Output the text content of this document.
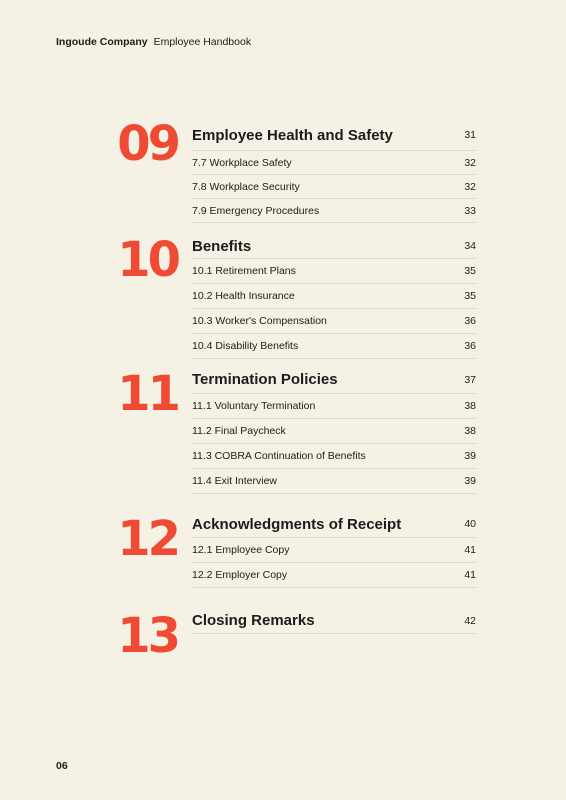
Ingoude Company Employee Handbook
09 Employee Health and Safety	31
7.7 Workplace Safety	32
7.8 Workplace Security	32
7.9 Emergency Procedures	33
10 Benefits	34
10.1 Retirement Plans	35
10.2 Health Insurance	35
10.3 Worker's Compensation	36
10.4 Disability Benefits	36
11 Termination Policies	37
11.1 Voluntary Termination	38
11.2 Final Paycheck	38
11.3 COBRA Continuation of Benefits	39
11.4 Exit Interview	39
12 Acknowledgments of Receipt	40
12.1 Employee Copy	41
12.2 Employer Copy	41
13 Closing Remarks	42
06
